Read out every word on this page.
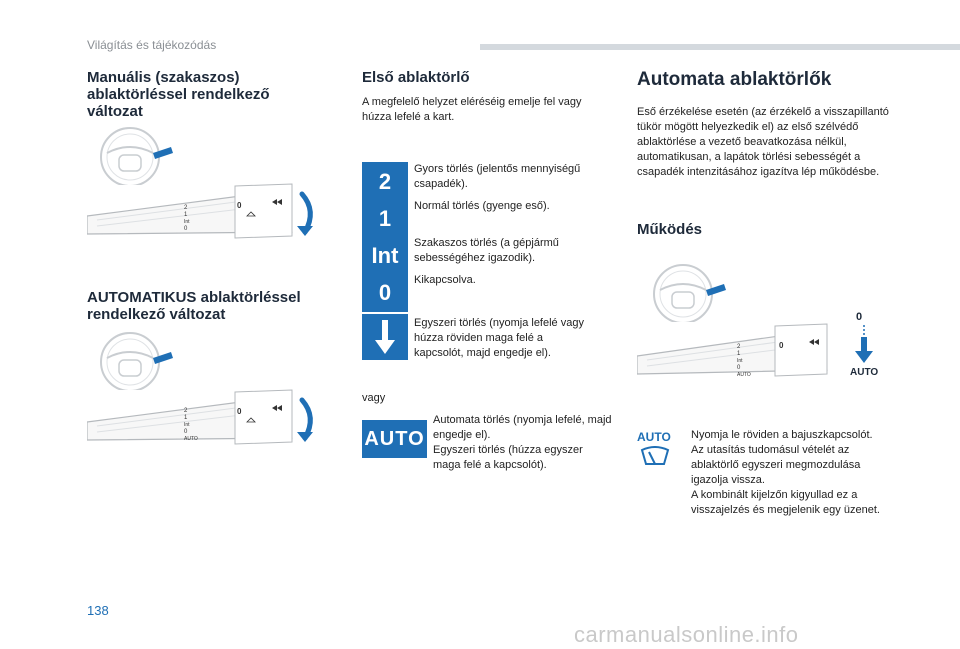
Világítás és tájékozódás
Manuális (szakaszos) ablaktörléssel rendelkező változat
2
1
Int
0
0
AUTOMATIKUS ablaktörléssel rendelkező változat
2
1
Int
0
AUTO
0
Első ablaktörlő
A megfelelő helyzet eléréséig emelje fel vagy húzza lefelé a kart.
2	Gyors törlés (jelentős mennyiségű csapadék).
1	Normál törlés (gyenge eső).
Int	Szakaszos törlés (a gépjármű sebességéhez igazodik).
0	Kikapcsolva.
Egyszeri törlés (nyomja lefelé vagy húzza röviden maga felé a kapcsolót, majd engedje el).
vagy
AUTO
Automata törlés (nyomja lefelé, majd engedje el).
Egyszeri törlés (húzza egyszer maga felé a kapcsolót).
Automata ablaktörlők
Eső érzékelése esetén (az érzékelő a visszapillantó tükör mögött helyezkedik el) az első szélvédő ablaktörlése a vezető beavatkozása nélkül, automatikusan, a lapátok törlési sebességét a csapadék intenzitásához igazítva lép működésbe.
Működés
2
1
Int
0
AUTO
0
0
AUTO
AUTO Nyomja le röviden a bajuszkapcsolót.
Az utasítás tudomásul vételét az ablaktörlő egyszeri megmozdulása igazolja vissza.
A kombinált kijelzőn kigyullad ez a visszajelzés és megjelenik egy üzenet.
138
carmanualsonline.info
